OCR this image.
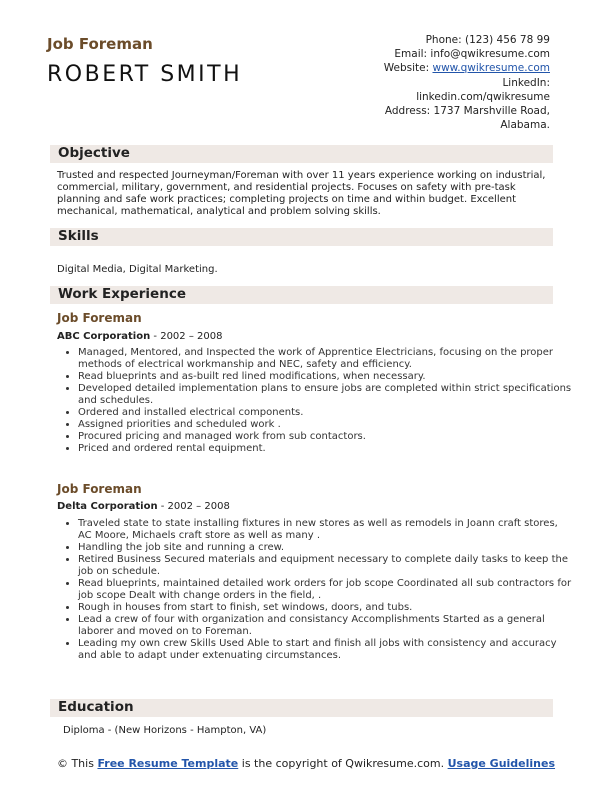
Job Foreman
ROBERT SMITH
Phone: (123) 456 78 99
Email: info@qwikresume.com
Website: www.qwikresume.com
LinkedIn:
linkedin.com/qwikresume
Address: 1737 Marshville Road,
Alabama.
Objective
Trusted and respected Journeyman/Foreman with over 11 years experience working on industrial, commercial, military, government, and residential projects. Focuses on safety with pre-task planning and safe work practices; completing projects on time and within budget. Excellent mechanical, mathematical, analytical and problem solving skills.
Skills
Digital Media, Digital Marketing.
Work Experience
Job Foreman
ABC Corporation - 2002 – 2008
• Managed, Mentored, and Inspected the work of Apprentice Electricians, focusing on the proper methods of electrical workmanship and NEC, safety and efficiency.
• Read blueprints and as-built red lined modifications, when necessary.
• Developed detailed implementation plans to ensure jobs are completed within strict specifications and schedules.
• Ordered and installed electrical components.
• Assigned priorities and scheduled work .
• Procured pricing and managed work from sub contactors.
• Priced and ordered rental equipment.
Job Foreman
Delta Corporation - 2002 – 2008
• Traveled state to state installing fixtures in new stores as well as remodels in Joann craft stores, AC Moore, Michaels craft store as well as many .
• Handling the job site and running a crew.
• Retired Business Secured materials and equipment necessary to complete daily tasks to keep the job on schedule.
• Read blueprints, maintained detailed work orders for job scope Coordinated all sub contractors for job scope Dealt with change orders in the field, .
• Rough in houses from start to finish, set windows, doors, and tubs.
• Lead a crew of four with organization and consistancy Accomplishments Started as a general laborer and moved on to Foreman.
• Leading my own crew Skills Used Able to start and finish all jobs with consistency and accuracy and able to adapt under extenuating circumstances.
Education
Diploma - (New Horizons - Hampton, VA)
© This Free Resume Template is the copyright of Qwikresume.com. Usage Guidelines
